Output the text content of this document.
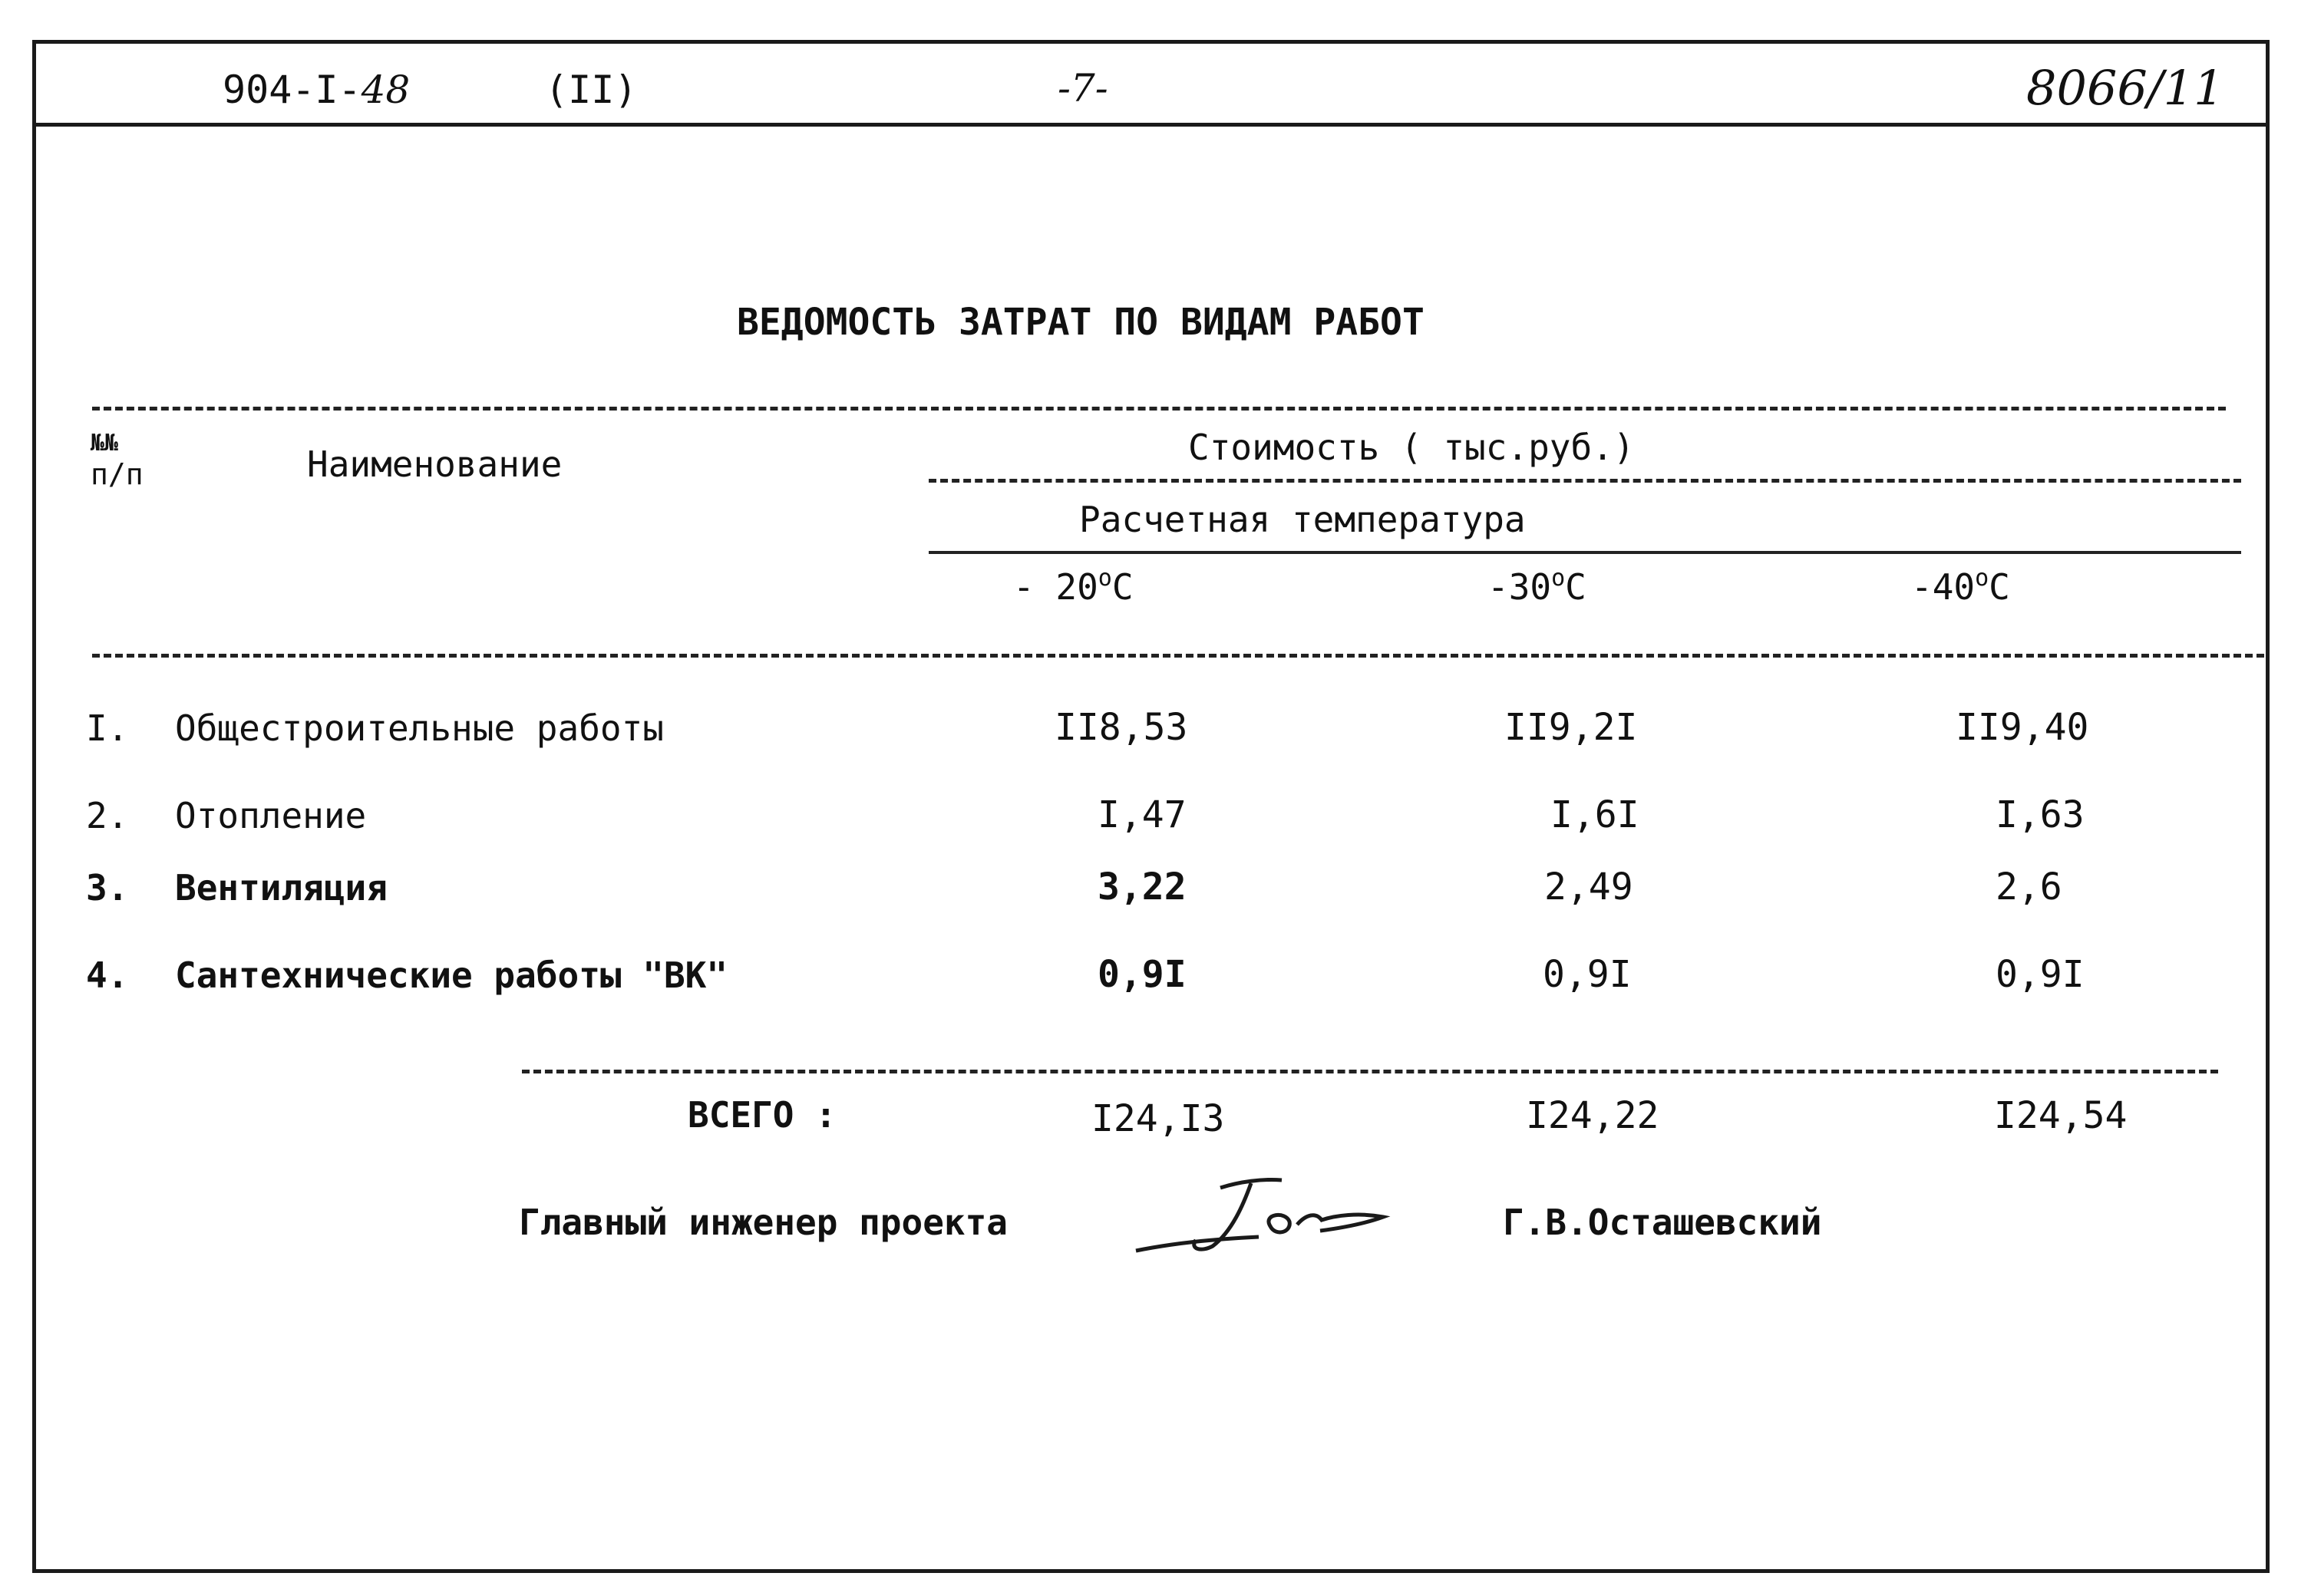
904-I-48	(II)	-7-	8066/11
ВЕДОМОСТЬ ЗАТРАТ ПО ВИДАМ РАБОТ
№№
п/п	Наименование	Стоимость ( тыс.руб.)
Расчетная температура
- $20^оС$	$-30^оС$	$-40^оС$
I. Общестроительные работы	II8,53	II9,2I	II9,40
2. Отопление	I,47	I,6I	I,63
3. Вентиляция	3,22	2,49	2,6
4. Сантехнические работы "ВК"	0,9I	0,9I	0,9I
ВСЕГО :	I24,I3	I24,22	I24,54
Главный инженер проекта	Г.В.Осташевский
